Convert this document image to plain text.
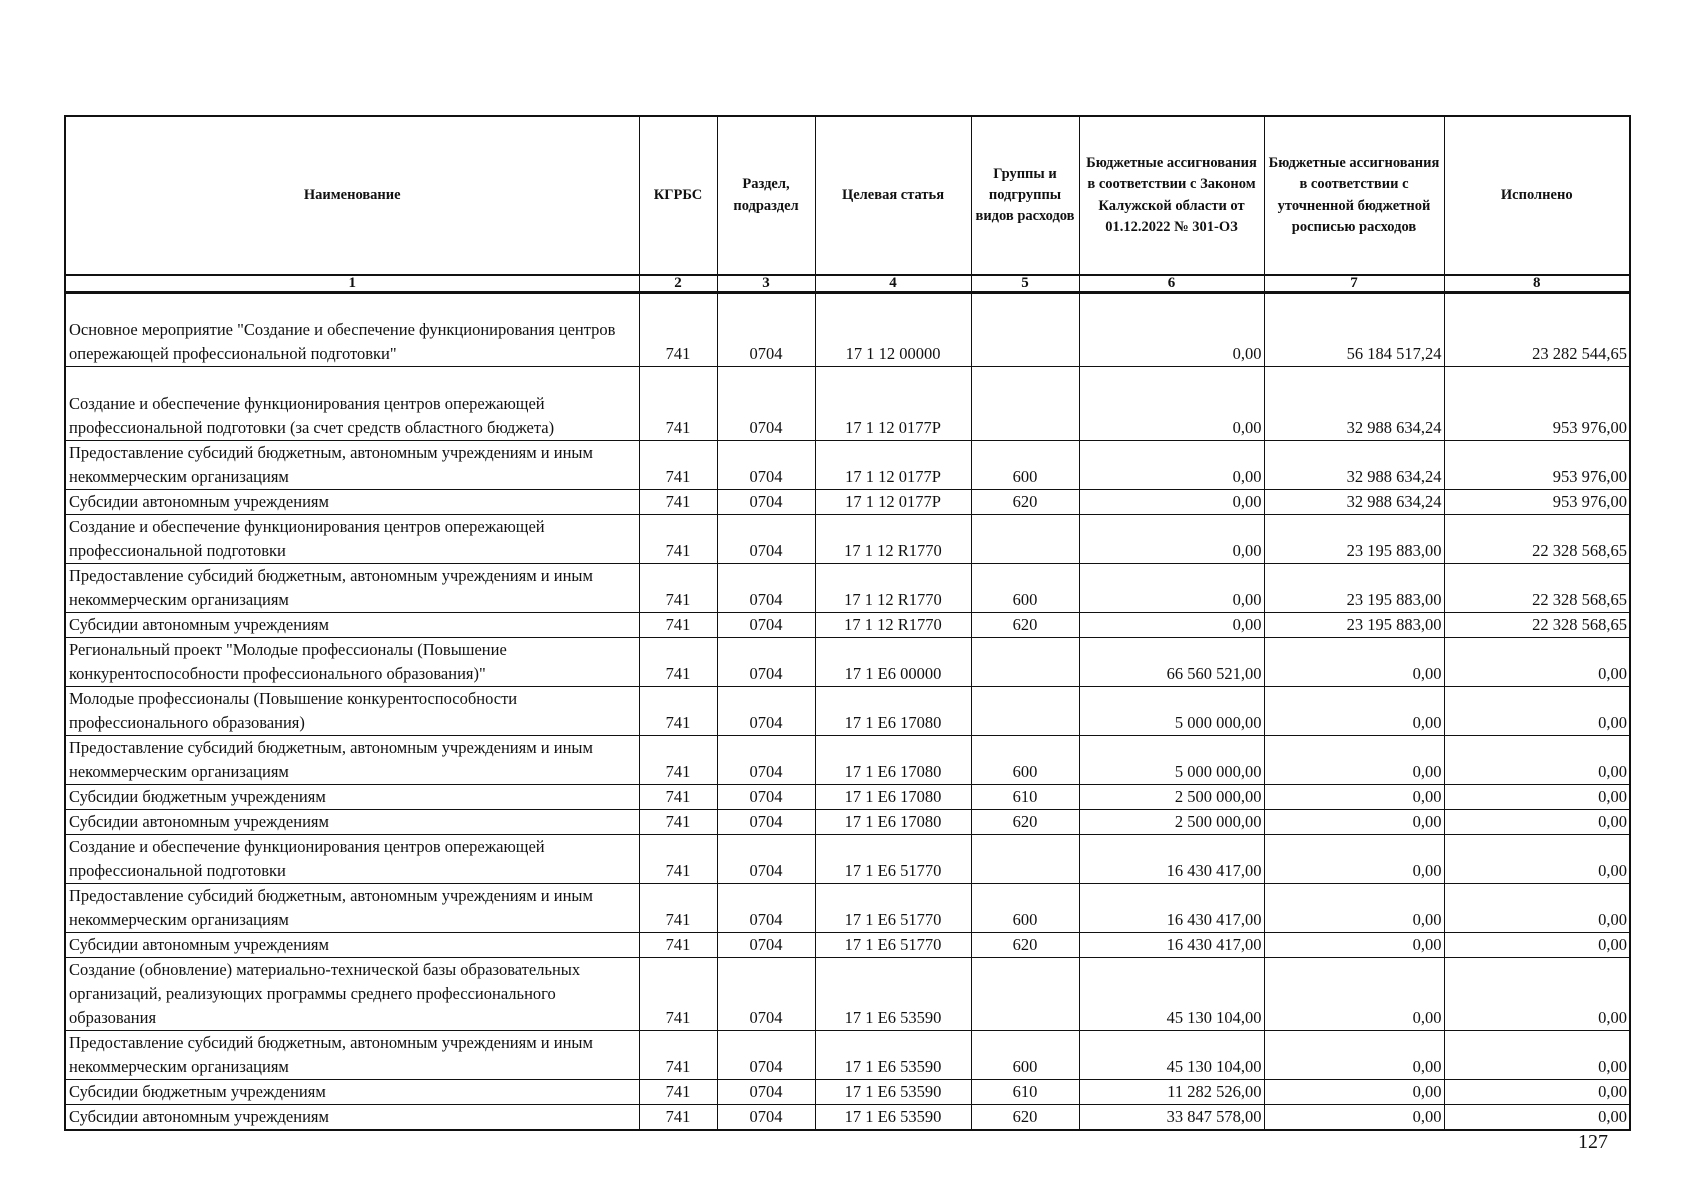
Наименование	КГРБС	Раздел, подраздел	Целевая статья	Группы и подгруппы видов расходов	Бюджетные ассигнования в соответствии с Законом Калужской области от 01.12.2022 № 301-ОЗ	Бюджетные ассигнования в соответствии с уточненной бюджетной росписью расходов	Исполнено
1	2	3	4	5	6	7	8
Основное мероприятие "Создание и обеспечение функционирования центров опережающей профессиональной подготовки"	741	0704	17 1 12 00000		0,00	56 184 517,24	23 282 544,65
Создание и обеспечение функционирования центров опережающей профессиональной подготовки (за счет средств областного бюджета)	741	0704	17 1 12 0177Р		0,00	32 988 634,24	953 976,00
Предоставление субсидий бюджетным, автономным учреждениям и иным некоммерческим организациям	741	0704	17 1 12 0177Р	600	0,00	32 988 634,24	953 976,00
Субсидии автономным учреждениям	741	0704	17 1 12 0177Р	620	0,00	32 988 634,24	953 976,00
Создание и обеспечение функционирования центров опережающей профессиональной подготовки	741	0704	17 1 12 R1770		0,00	23 195 883,00	22 328 568,65
Предоставление субсидий бюджетным, автономным учреждениям и иным некоммерческим организациям	741	0704	17 1 12 R1770	600	0,00	23 195 883,00	22 328 568,65
Субсидии автономным учреждениям	741	0704	17 1 12 R1770	620	0,00	23 195 883,00	22 328 568,65
Региональный проект "Молодые профессионалы (Повышение конкурентоспособности профессионального образования)"	741	0704	17 1 Е6 00000		66 560 521,00	0,00	0,00
Молодые профессионалы (Повышение конкурентоспособности профессионального образования)	741	0704	17 1 Е6 17080		5 000 000,00	0,00	0,00
Предоставление субсидий бюджетным, автономным учреждениям и иным некоммерческим организациям	741	0704	17 1 Е6 17080	600	5 000 000,00	0,00	0,00
Субсидии бюджетным учреждениям	741	0704	17 1 Е6 17080	610	2 500 000,00	0,00	0,00
Субсидии автономным учреждениям	741	0704	17 1 Е6 17080	620	2 500 000,00	0,00	0,00
Создание и обеспечение функционирования центров опережающей профессиональной подготовки	741	0704	17 1 Е6 51770		16 430 417,00	0,00	0,00
Предоставление субсидий бюджетным, автономным учреждениям и иным некоммерческим организациям	741	0704	17 1 Е6 51770	600	16 430 417,00	0,00	0,00
Субсидии автономным учреждениям	741	0704	17 1 Е6 51770	620	16 430 417,00	0,00	0,00
Создание (обновление) материально-технической базы образовательных организаций, реализующих программы среднего профессионального образования	741	0704	17 1 Е6 53590		45 130 104,00	0,00	0,00
Предоставление субсидий бюджетным, автономным учреждениям и иным некоммерческим организациям	741	0704	17 1 Е6 53590	600	45 130 104,00	0,00	0,00
Субсидии бюджетным учреждениям	741	0704	17 1 Е6 53590	610	11 282 526,00	0,00	0,00
Субсидии автономным учреждениям	741	0704	17 1 Е6 53590	620	33 847 578,00	0,00	0,00
127
